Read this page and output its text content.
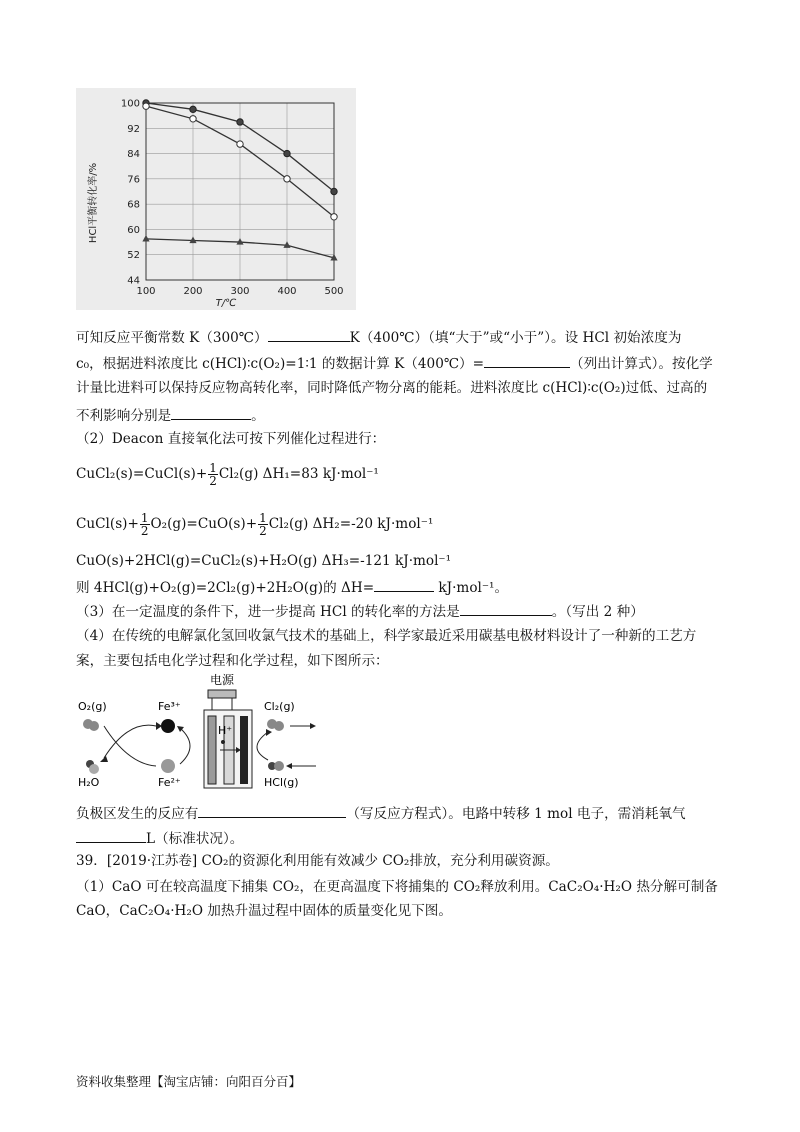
44
52
60
68
76
84
92
100
100	200	300	400	500
HCl平衡转化率/%
T/℃
可知反应平衡常数 K（300℃）	K（400℃）（填“大于”或“小于”）。设 HCl 初始浓度为
c₀，根据进料浓度比 c(HCl)∶c(O₂)=1∶1 的数据计算 K（400℃）=	（列出计算式）。按化学
计量比进料可以保持反应物高转化率，同时降低产物分离的能耗。进料浓度比 c(HCl)∶c(O₂)过低、过高的
不利影响分别是	。
（2）Deacon 直接氧化法可按下列催化过程进行：
CuCl₂(s)=CuCl(s)+ $\frac{1}{2} Cl_2(g)$ ΔH₁=83 kJ·mol⁻¹
CuCl(s)+ $\frac{1}{2} O_2(g)=CuO(s)+ \frac{1}{2} Cl_2(g)$ ΔH₂=-20 kJ·mol⁻¹
CuO(s)+2HCl(g)=CuCl₂(s)+H₂O(g) ΔH₃=-121 kJ·mol⁻¹
则 4HCl(g)+O₂(g)=2Cl₂(g)+2H₂O(g)的 ΔH=	kJ·mol⁻¹。
（3）在一定温度的条件下，进一步提高 HCl 的转化率的方法是	。（写出 2 种）
（4）在传统的电解氯化氢回收氯气技术的基础上，科学家最近采用碳基电极材料设计了一种新的工艺方
案，主要包括电化学过程和化学过程，如下图所示：
电源
H⁺
O₂(g)
H₂O
Fe³⁺
Fe²⁺
Cl₂(g)
HCl(g)
负极区发生的反应有	（写反应方程式）。电路中转移 1 mol 电子，需消耗氧气
L（标准状况）。
39．[2019·江苏卷] CO₂的资源化利用能有效减少 CO₂排放，充分利用碳资源。
（1）CaO 可在较高温度下捕集 CO₂，在更高温度下将捕集的 CO₂释放利用。CaC₂O₄·H₂O 热分解可制备
CaO，CaC₂O₄·H₂O 加热升温过程中固体的质量变化见下图。
资料收集整理【淘宝店铺：向阳百分百】
